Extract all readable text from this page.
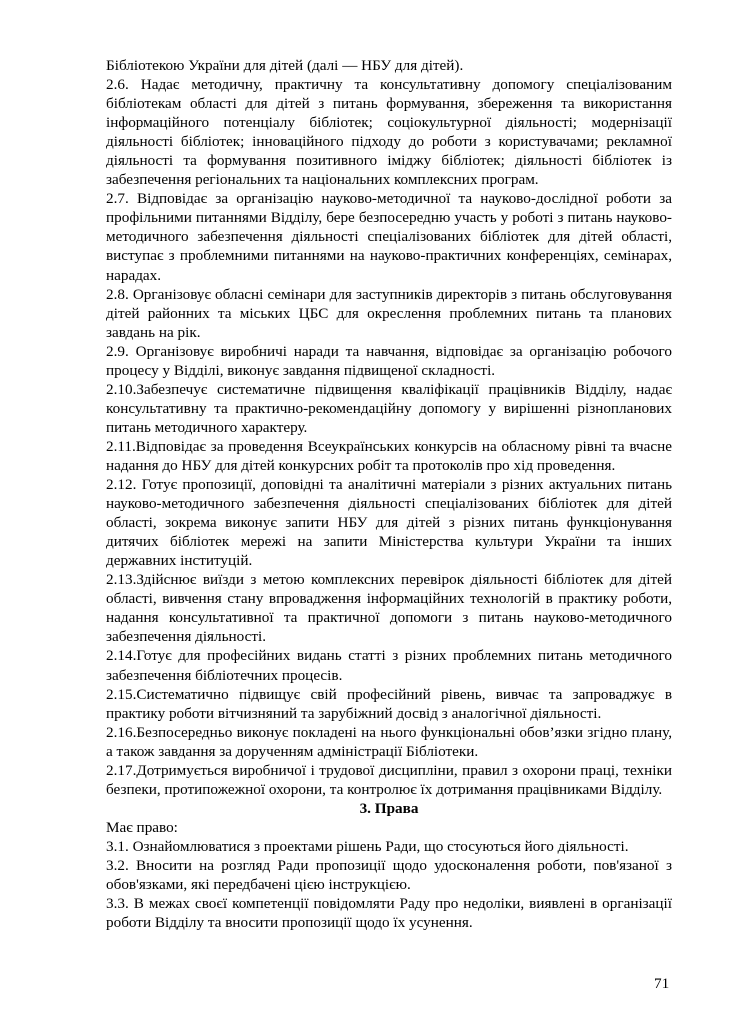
Бібліотекою України для дітей (далі — НБУ для дітей).

2.6. Надає методичну, практичну та консультативну допомогу спеціалізованим бібліотекам області для дітей з питань формування, збереження та використання інформаційного потенціалу бібліотек; соціокультурної діяльності; модернізації діяльності бібліотек; інноваційного підходу до роботи з користувачами; рекламної діяльності та формування позитивного іміджу бібліотек; діяльності бібліотек із забезпечення регіональних та національних комплексних програм.

2.7. Відповідає за організацію науково-методичної та науково-дослідної роботи за профільними питаннями Відділу, бере безпосередню участь у роботі з питань науково-методичного забезпечення діяльності спеціалізованих бібліотек для дітей області, виступає з проблемними питаннями на науково-практичних конференціях, семінарах, нарадах.

2.8. Організовує обласні семінари для заступників директорів з питань обслуговування дітей районних та міських ЦБС для окреслення проблемних питань та планових завдань на рік.

2.9. Організовує виробничі наради та навчання, відповідає за організацію робочого процесу у Відділі, виконує завдання підвищеної складності.

2.10.Забезпечує систематичне підвищення кваліфікації працівників Відділу, надає консультативну та практично-рекомендаційну допомогу у вирішенні різнопланових питань методичного характеру.

2.11.Відповідає за проведення Всеукраїнських конкурсів на обласному рівні та вчасне надання до НБУ для дітей конкурсних робіт та протоколів про хід проведення.

2.12. Готує пропозиції, доповідні та аналітичні матеріали з різних актуальних питань науково-методичного забезпечення діяльності спеціалізованих бібліотек для дітей області, зокрема виконує запити НБУ для дітей з різних питань функціонування дитячих бібліотек мережі на запити Міністерства культури України та інших державних інституцій.

2.13.Здійснює виїзди з метою комплексних перевірок діяльності бібліотек для дітей області, вивчення стану впровадження інформаційних технологій в практику роботи, надання консультативної та практичної допомоги з питань науково-методичного забезпечення діяльності.

2.14.Готує для професійних видань статті з різних проблемних питань методичного забезпечення бібліотечних процесів.

2.15.Систематично підвищує свій професійний рівень, вивчає та запроваджує в практику роботи вітчизняний та зарубіжний досвід з аналогічної діяльності.

2.16.Безпосередньо виконує покладені на нього функціональні обов’язки згідно плану, а також завдання за дорученням адміністрації Бібліотеки.

2.17.Дотримується виробничої і трудової дисципліни, правил з охорони праці, техніки безпеки, протипожежної охорони, та контролює їх дотримання працівниками Відділу.

3. Права

Має право:

3.1. Ознайомлюватися з проектами рішень Ради, що стосуються його діяльності.

3.2. Вносити на розгляд Ради пропозиції щодо удосконалення роботи, пов'язаної з обов'язками, які передбачені цією інструкцією.

3.3. В межах своєї компетенції повідомляти Раду про недоліки, виявлені в організації роботи Відділу та вносити пропозиції щодо їх усунення.

71
